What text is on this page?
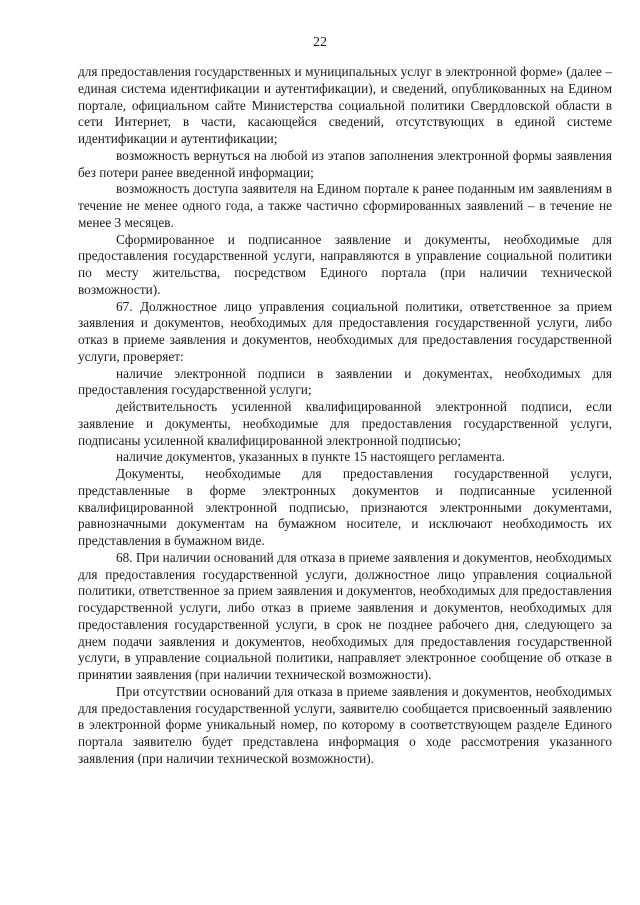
22

для предоставления государственных и муниципальных услуг в электронной форме» (далее – единая система идентификации и аутентификации), и сведений, опубликованных на Едином портале, официальном сайте Министерства социальной политики Свердловской области в сети Интернет, в части, касающейся сведений, отсутствующих в единой системе идентификации и аутентификации;

возможность вернуться на любой из этапов заполнения электронной формы заявления без потери ранее введенной информации;

возможность доступа заявителя на Едином портале к ранее поданным им заявлениям в течение не менее одного года, а также частично сформированных заявлений – в течение не менее 3 месяцев.

Сформированное и подписанное заявление и документы, необходимые для предоставления государственной услуги, направляются в управление социальной политики по месту жительства, посредством Единого портала (при наличии технической возможности).

67. Должностное лицо управления социальной политики, ответственное за прием заявления и документов, необходимых для предоставления государственной услуги, либо отказ в приеме заявления и документов, необходимых для предоставления государственной услуги, проверяет:

наличие электронной подписи в заявлении и документах, необходимых для предоставления государственной услуги;

действительность усиленной квалифицированной электронной подписи, если заявление и документы, необходимые для предоставления государственной услуги, подписаны усиленной квалифицированной электронной подписью;

наличие документов, указанных в пункте 15 настоящего регламента.

Документы, необходимые для предоставления государственной услуги, представленные в форме электронных документов и подписанные усиленной квалифицированной электронной подписью, признаются электронными документами, равнозначными документам на бумажном носителе, и исключают необходимость их представления в бумажном виде.

68. При наличии оснований для отказа в приеме заявления и документов, необходимых для предоставления государственной услуги, должностное лицо управления социальной политики, ответственное за прием заявления и документов, необходимых для предоставления государственной услуги, либо отказ в приеме заявления и документов, необходимых для предоставления государственной услуги, в срок не позднее рабочего дня, следующего за днем подачи заявления и документов, необходимых для предоставления государственной услуги, в управление социальной политики, направляет электронное сообщение об отказе в принятии заявления (при наличии технической возможности).

При отсутствии оснований для отказа в приеме заявления и документов, необходимых для предоставления государственной услуги, заявителю сообщается присвоенный заявлению в электронной форме уникальный номер, по которому в соответствующем разделе Единого портала заявителю будет представлена информация о ходе рассмотрения указанного заявления (при наличии технической возможности).
